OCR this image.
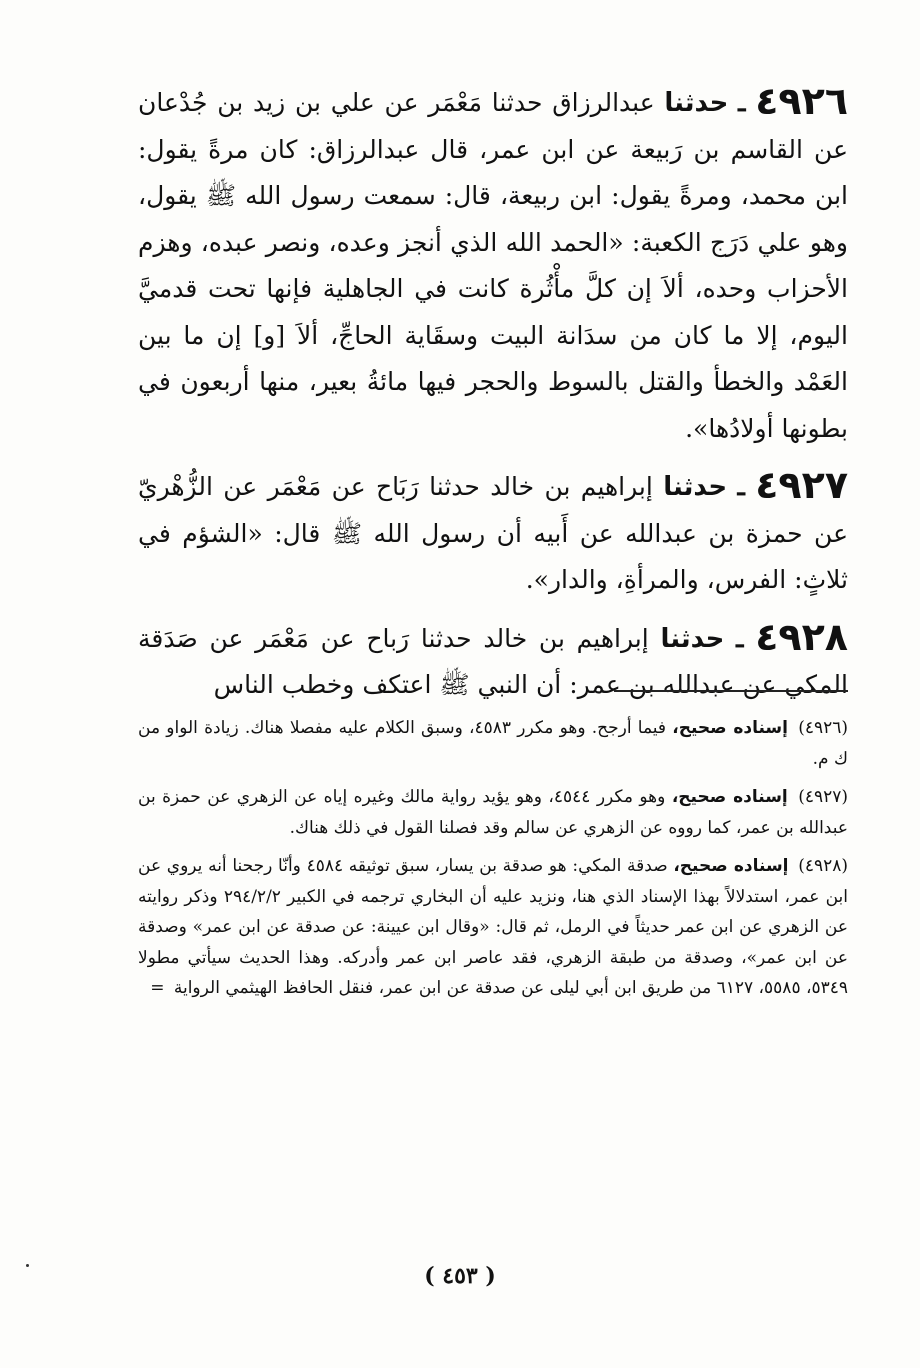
٤٩٢٦ ـ حدثنا عبدالرزاق حدثنا مَعْمَر عن علي بن زيد بن جُدْعان عن القاسم بن رَبيعة عن ابن عمر، قال عبدالرزاق: كان مرةً يقول: ابن محمد، ومرةً يقول: ابن ربيعة، قال: سمعت رسول الله ﷺ يقول، وهو علي دَرَج الكعبة: «الحمد الله الذي أنجز وعده، ونصر عبده، وهزم الأحزاب وحده، ألاَ إن كلَّ مأْثُرة كانت في الجاهلية فإنها تحت قدميَّ اليوم، إلا ما كان من سدَانة البيت وسقَاية الحاجِّ، ألاَ [و] إن ما بين العَمْد والخطأ والقتل بالسوط والحجر فيها مائةُ بعير، منها أربعون في بطونها أولادُها».

٤٩٢٧ ـ حدثنا إبراهيم بن خالد حدثنا رَبَاح عن مَعْمَر عن الزُّهْريّ عن حمزة بن عبدالله عن أَبيه أن رسول الله ﷺ قال: «الشؤم في ثلاثٍ: الفرس، والمرأةِ، والدار».

٤٩٢٨ ـ حدثنا إبراهيم بن خالد حدثنا رَباح عن مَعْمَر عن صَدَقة المكي عن عبدالله بن عمر: أن النبي ﷺ اعتكف وخطب الناس

(٤٩٢٦) إسناده صحيح، فيما أرجح. وهو مكرر ٤٥٨٣، وسبق الكلام عليه مفصلا هناك. زيادة الواو من ك م.

(٤٩٢٧) إسناده صحيح، وهو مكرر ٤٥٤٤، وهو يؤيد رواية مالك وغيره إياه عن الزهري عن حمزة بن عبدالله بن عمر، كما رووه عن الزهري عن سالم وقد فصلنا القول في ذلك هناك.

(٤٩٢٨) إسناده صحيح، صدقة المكي: هو صدقة بن يسار، سبق توثيقه ٤٥٨٤ وأنّا رجحنا أنه يروي عن ابن عمر، استدلالاً بهذا الإسناد الذي هنا، ونزيد عليه أن البخاري ترجمه في الكبير ٢٩٤/٢/٢ وذكر روايته عن الزهري عن ابن عمر حديثاً في الرمل، ثم قال: «وقال ابن عيينة: عن صدقة عن ابن عمر» وصدقة عن ابن عمر»، وصدقة من طبقة الزهري، فقد عاصر ابن عمر وأدركه. وهذا الحديث سيأتي مطولا ٥٣٤٩، ٥٥٨٥، ٦١٢٧ من طريق ابن أبي ليلى عن صدقة عن ابن عمر، فنقل الحافظ الهيثمي الرواية =

( ٤٥٣ )
